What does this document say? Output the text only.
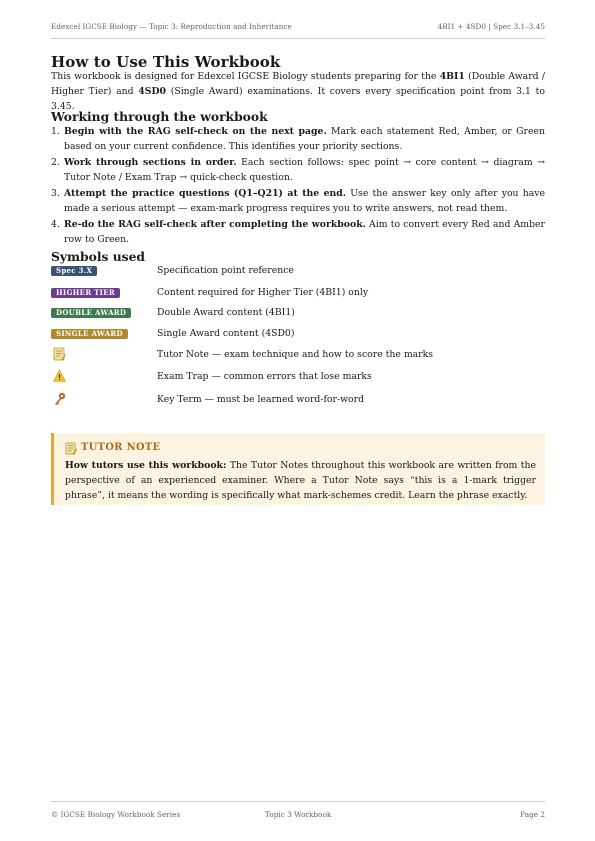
Edexcel IGCSE Biology — Topic 3: Reproduction and Inheritance	4BI1 + 4SD0 | Spec 3.1–3.45
How to Use This Workbook

This workbook is designed for Edexcel IGCSE Biology students preparing for the 4BI1 (Double Award / Higher Tier) and 4SD0 (Single Award) examinations. It covers every specification point from 3.1 to 3.45.

Working through the workbook
1. Begin with the RAG self-check on the next page. Mark each statement Red, Amber, or Green based on your current confidence. This identifies your priority sections.
2. Work through sections in order. Each section follows: spec point → core content → diagram → Tutor Note / Exam Trap → quick-check question.
3. Attempt the practice questions (Q1–Q21) at the end. Use the answer key only after you have made a serious attempt — exam-mark progress requires you to write answers, not read them.
4. Re-do the RAG self-check after completing the workbook. Aim to convert every Red and Amber row to Green.
Symbols used
Spec 3.X	Specification point reference
HIGHER TIER	Content required for Higher Tier (4BI1) only
DOUBLE AWARD	Double Award content (4BI1)
SINGLE AWARD	Single Award content (4SD0)
Tutor Note — exam technique and how to score the marks
Exam Trap — common errors that lose marks
Key Term — must be learned word-for-word
TUTOR NOTE

How tutors use this workbook: The Tutor Notes throughout this workbook are written from the perspective of an experienced examiner. Where a Tutor Note says “this is a 1-mark trigger phrase”, it means the wording is specifically what mark-schemes credit. Learn the phrase exactly.

© IGCSE Biology Workbook Series	Topic 3 Workbook	Page 2
